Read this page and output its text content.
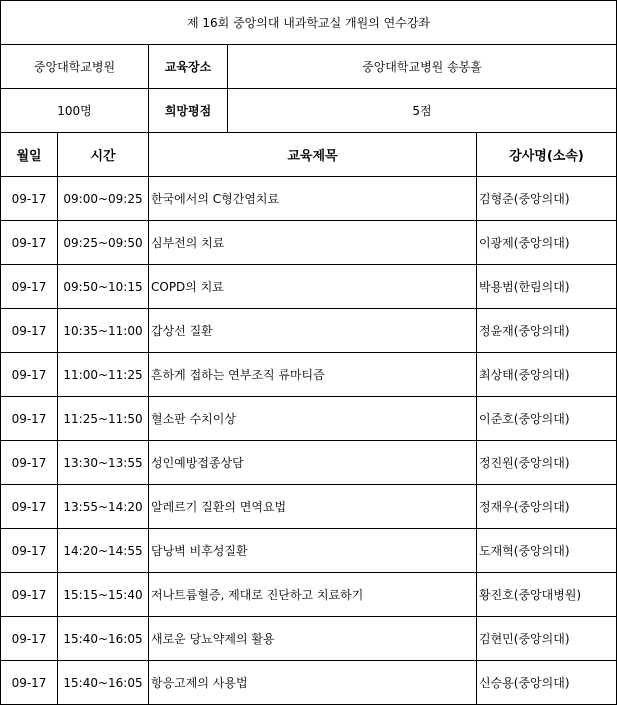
제 16회 중앙의대 내과학교실 개원의 연수강좌				
중앙대학교병원		교육장소	중앙대학교병원 송봉홀	
100명		희망평점	5점	
월일	시간	교육제목		강사명(소속)
09-17	09:00~09:25	한국에서의 C형간염치료		김형준(중앙의대)
09-17	09:25~09:50	심부전의 치료		이광제(중앙의대)
09-17	09:50~10:15	COPD의 치료		박용범(한림의대)
09-17	10:35~11:00	갑상선 질환		정윤재(중앙의대)
09-17	11:00~11:25	흔하게 접하는 연부조직 류마티즘		최상태(중앙의대)
09-17	11:25~11:50	혈소판 수치이상		이준호(중앙의대)
09-17	13:30~13:55	성인예방접종상담		정진원(중앙의대)
09-17	13:55~14:20	알레르기 질환의 면역요법		정재우(중앙의대)
09-17	14:20~14:55	담낭벽 비후성질환		도재혁(중앙의대)
09-17	15:15~15:40	저나트륨혈증, 제대로 진단하고 치료하기		황진호(중앙대병원)
09-17	15:40~16:05	새로운 당뇨약제의 활용		김현민(중앙의대)
09-17	15:40~16:05	항응고제의 사용법		신승용(중앙의대)
